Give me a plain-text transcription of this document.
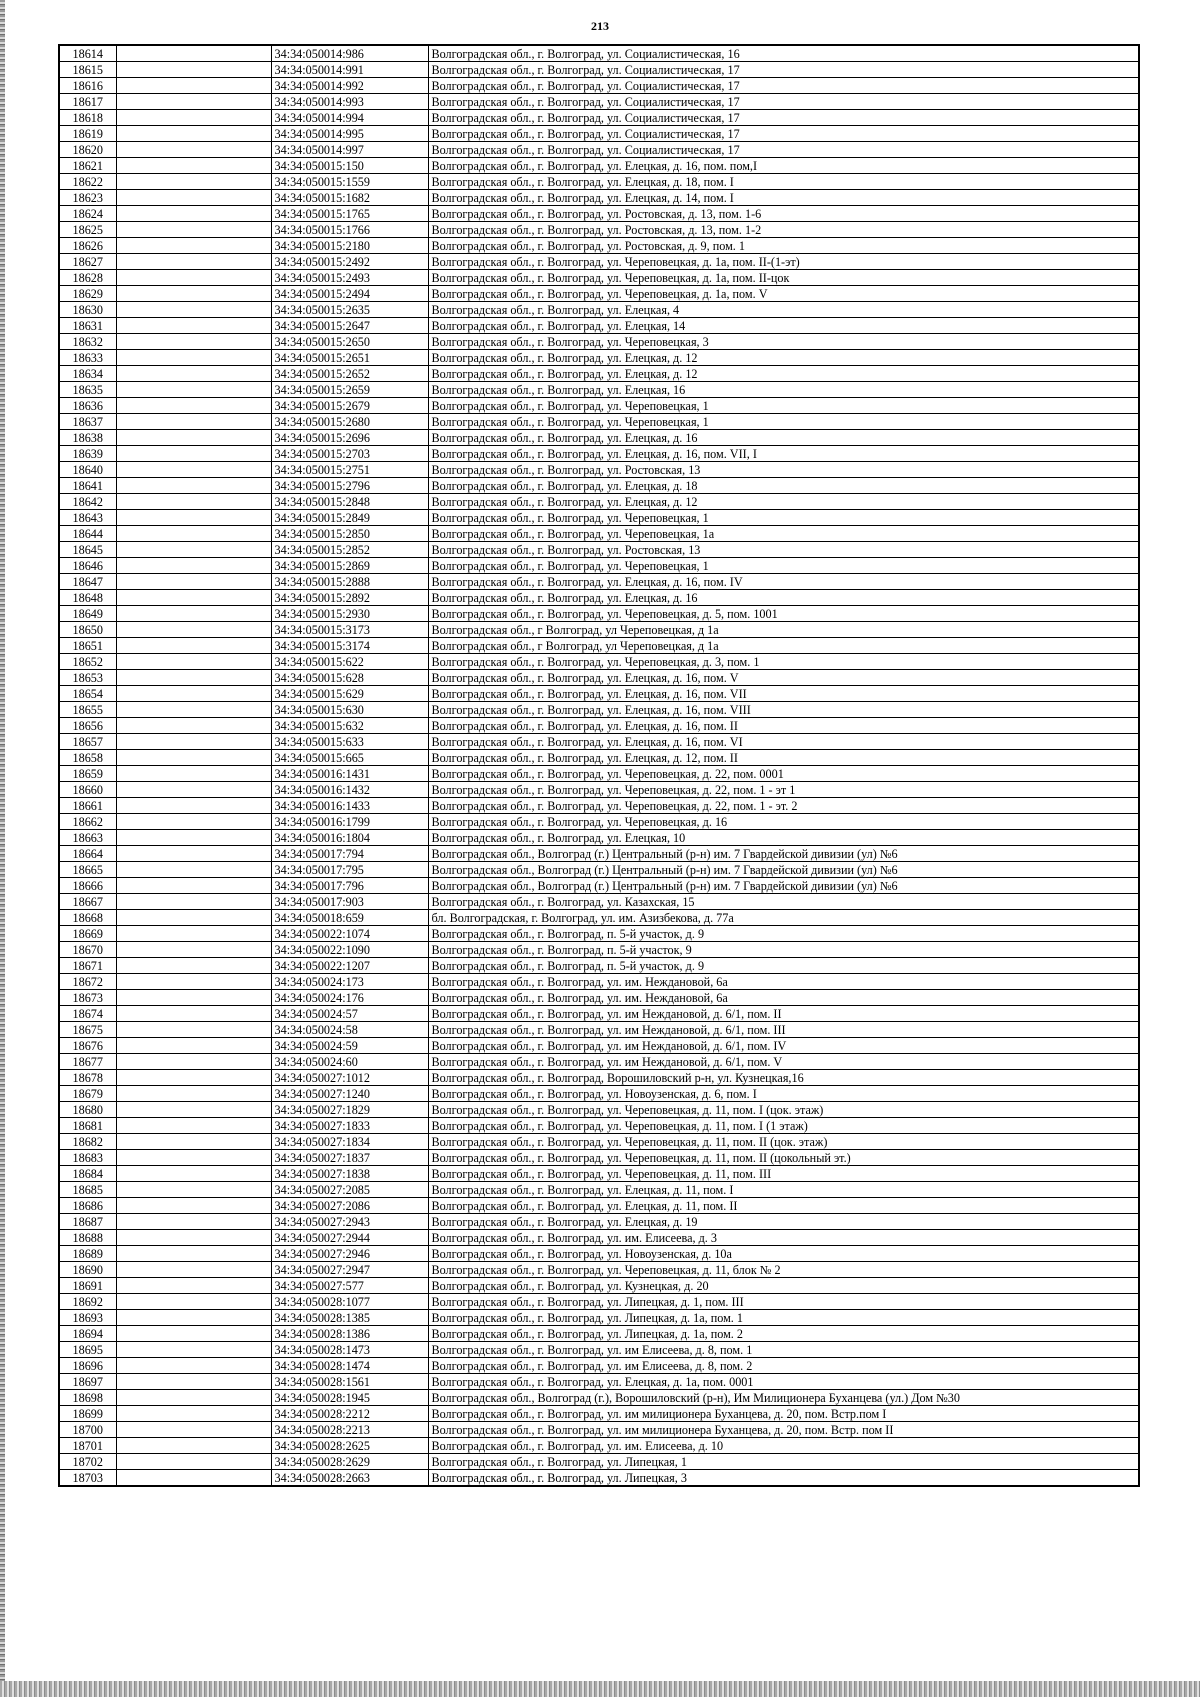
213
18614		34:34:050014:986	Волгоградская обл., г. Волгоград, ул. Социалистическая, 16
18615		34:34:050014:991	Волгоградская обл., г. Волгоград, ул. Социалистическая, 17
18616		34:34:050014:992	Волгоградская обл., г. Волгоград, ул. Социалистическая, 17
18617		34:34:050014:993	Волгоградская обл., г. Волгоград, ул. Социалистическая, 17
18618		34:34:050014:994	Волгоградская обл., г. Волгоград, ул. Социалистическая, 17
18619		34:34:050014:995	Волгоградская обл., г. Волгоград, ул. Социалистическая, 17
18620		34:34:050014:997	Волгоградская обл., г. Волгоград, ул. Социалистическая, 17
18621		34:34:050015:150	Волгоградская обл., г. Волгоград, ул. Елецкая, д. 16, пом. пом,I
18622		34:34:050015:1559	Волгоградская обл., г. Волгоград, ул. Елецкая, д. 18, пом. I
18623		34:34:050015:1682	Волгоградская обл., г. Волгоград, ул. Елецкая, д. 14, пом. I
18624		34:34:050015:1765	Волгоградская обл., г. Волгоград, ул. Ростовская, д. 13, пом. 1-6
18625		34:34:050015:1766	Волгоградская обл., г. Волгоград, ул. Ростовская, д. 13, пом. 1-2
18626		34:34:050015:2180	Волгоградская обл., г. Волгоград, ул. Ростовская, д. 9, пом. 1
18627		34:34:050015:2492	Волгоградская обл., г. Волгоград, ул. Череповецкая, д. 1а, пом. II-(1-эт)
18628		34:34:050015:2493	Волгоградская обл., г. Волгоград, ул. Череповецкая, д. 1а, пом. II-цок
18629		34:34:050015:2494	Волгоградская обл., г. Волгоград, ул. Череповецкая, д. 1а, пом. V
18630		34:34:050015:2635	Волгоградская обл., г. Волгоград, ул. Елецкая, 4
18631		34:34:050015:2647	Волгоградская обл., г. Волгоград, ул. Елецкая, 14
18632		34:34:050015:2650	Волгоградская обл., г. Волгоград, ул. Череповецкая, 3
18633		34:34:050015:2651	Волгоградская обл., г. Волгоград, ул. Елецкая, д. 12
18634		34:34:050015:2652	Волгоградская обл., г. Волгоград, ул. Елецкая, д. 12
18635		34:34:050015:2659	Волгоградская обл., г. Волгоград, ул. Елецкая, 16
18636		34:34:050015:2679	Волгоградская обл., г. Волгоград, ул. Череповецкая, 1
18637		34:34:050015:2680	Волгоградская обл., г. Волгоград, ул. Череповецкая, 1
18638		34:34:050015:2696	Волгоградская обл., г. Волгоград, ул. Елецкая, д. 16
18639		34:34:050015:2703	Волгоградская обл., г. Волгоград, ул. Елецкая, д. 16, пом. VII, I
18640		34:34:050015:2751	Волгоградская обл., г. Волгоград, ул. Ростовская, 13
18641		34:34:050015:2796	Волгоградская обл., г. Волгоград, ул. Елецкая, д. 18
18642		34:34:050015:2848	Волгоградская обл., г. Волгоград, ул. Елецкая, д. 12
18643		34:34:050015:2849	Волгоградская обл., г. Волгоград, ул. Череповецкая, 1
18644		34:34:050015:2850	Волгоградская обл., г. Волгоград, ул. Череповецкая, 1а
18645		34:34:050015:2852	Волгоградская обл., г. Волгоград, ул. Ростовская, 13
18646		34:34:050015:2869	Волгоградская обл., г. Волгоград, ул. Череповецкая, 1
18647		34:34:050015:2888	Волгоградская обл., г. Волгоград, ул. Елецкая, д. 16, пом. IV
18648		34:34:050015:2892	Волгоградская обл., г. Волгоград, ул. Елецкая, д. 16
18649		34:34:050015:2930	Волгоградская обл., г. Волгоград, ул. Череповецкая, д. 5, пом. 1001
18650		34:34:050015:3173	Волгоградская обл., г Волгоград, ул Череповецкая, д 1а
18651		34:34:050015:3174	Волгоградская обл., г Волгоград, ул Череповецкая, д 1а
18652		34:34:050015:622	Волгоградская обл., г. Волгоград, ул. Череповецкая, д. 3, пом. 1
18653		34:34:050015:628	Волгоградская обл., г. Волгоград, ул. Елецкая, д. 16, пом. V
18654		34:34:050015:629	Волгоградская обл., г. Волгоград, ул. Елецкая, д. 16, пом. VII
18655		34:34:050015:630	Волгоградская обл., г. Волгоград, ул. Елецкая, д. 16, пом. VIII
18656		34:34:050015:632	Волгоградская обл., г. Волгоград, ул. Елецкая, д. 16, пом. II
18657		34:34:050015:633	Волгоградская обл., г. Волгоград, ул. Елецкая, д. 16, пом. VI
18658		34:34:050015:665	Волгоградская обл., г. Волгоград, ул. Елецкая, д. 12, пом. II
18659		34:34:050016:1431	Волгоградская обл., г. Волгоград, ул. Череповецкая, д. 22, пом. 0001
18660		34:34:050016:1432	Волгоградская обл., г. Волгоград, ул. Череповецкая, д. 22, пом. 1 - эт 1
18661		34:34:050016:1433	Волгоградская обл., г. Волгоград, ул. Череповецкая, д. 22, пом. 1 - эт. 2
18662		34:34:050016:1799	Волгоградская обл., г. Волгоград, ул. Череповецкая, д. 16
18663		34:34:050016:1804	Волгоградская обл., г. Волгоград, ул. Елецкая, 10
18664		34:34:050017:794	Волгоградская обл., Волгоград (г.) Центральный (р-н) им. 7 Гвардейской дивизии (ул) №6
18665		34:34:050017:795	Волгоградская обл., Волгоград (г.) Центральный (р-н) им. 7 Гвардейской дивизии (ул) №6
18666		34:34:050017:796	Волгоградская обл., Волгоград (г.) Центральный (р-н) им. 7 Гвардейской дивизии (ул) №6
18667		34:34:050017:903	Волгоградская обл., г. Волгоград, ул. Казахская, 15
18668		34:34:050018:659	бл. Волгоградская, г. Волгоград, ул. им. Азизбекова, д. 77а
18669		34:34:050022:1074	Волгоградская обл., г. Волгоград, п. 5-й участок, д. 9
18670		34:34:050022:1090	Волгоградская обл., г. Волгоград, п. 5-й участок, 9
18671		34:34:050022:1207	Волгоградская обл., г. Волгоград, п. 5-й участок, д. 9
18672		34:34:050024:173	Волгоградская обл., г. Волгоград, ул. им. Неждановой, 6а
18673		34:34:050024:176	Волгоградская обл., г. Волгоград, ул. им. Неждановой, 6а
18674		34:34:050024:57	Волгоградская обл., г. Волгоград, ул. им Неждановой, д. 6/1, пом. II
18675		34:34:050024:58	Волгоградская обл., г. Волгоград, ул. им Неждановой, д. 6/1, пом. III
18676		34:34:050024:59	Волгоградская обл., г. Волгоград, ул. им Неждановой, д. 6/1, пом. IV
18677		34:34:050024:60	Волгоградская обл., г. Волгоград, ул. им Неждановой, д. 6/1, пом. V
18678		34:34:050027:1012	Волгоградская обл., г. Волгоград, Ворошиловский р-н, ул. Кузнецкая,16
18679		34:34:050027:1240	Волгоградская обл., г. Волгоград, ул. Новоузенская, д. 6, пом. I
18680		34:34:050027:1829	Волгоградская обл., г. Волгоград, ул. Череповецкая, д. 11, пом. I (цок. этаж)
18681		34:34:050027:1833	Волгоградская обл., г. Волгоград, ул. Череповецкая, д. 11, пом. I (1 этаж)
18682		34:34:050027:1834	Волгоградская обл., г. Волгоград, ул. Череповецкая, д. 11, пом. II (цок. этаж)
18683		34:34:050027:1837	Волгоградская обл., г. Волгоград, ул. Череповецкая, д. 11, пом. II (цокольный эт.)
18684		34:34:050027:1838	Волгоградская обл., г. Волгоград, ул. Череповецкая, д. 11, пом. III
18685		34:34:050027:2085	Волгоградская обл., г. Волгоград, ул. Елецкая, д. 11, пом. I
18686		34:34:050027:2086	Волгоградская обл., г. Волгоград, ул. Елецкая, д. 11, пом. II
18687		34:34:050027:2943	Волгоградская обл., г. Волгоград, ул. Елецкая, д. 19
18688		34:34:050027:2944	Волгоградская обл., г. Волгоград, ул. им. Елисеева, д. 3
18689		34:34:050027:2946	Волгоградская обл., г. Волгоград, ул. Новоузенская, д. 10а
18690		34:34:050027:2947	Волгоградская обл., г. Волгоград, ул. Череповецкая, д. 11, блок № 2
18691		34:34:050027:577	Волгоградская обл., г. Волгоград, ул. Кузнецкая, д. 20
18692		34:34:050028:1077	Волгоградская обл., г. Волгоград, ул. Липецкая, д. 1, пом. III
18693		34:34:050028:1385	Волгоградская обл., г. Волгоград, ул. Липецкая, д. 1а, пом. 1
18694		34:34:050028:1386	Волгоградская обл., г. Волгоград, ул. Липецкая, д. 1а, пом. 2
18695		34:34:050028:1473	Волгоградская обл., г. Волгоград, ул. им Елисеева, д. 8, пом. 1
18696		34:34:050028:1474	Волгоградская обл., г. Волгоград, ул. им Елисеева, д. 8, пом. 2
18697		34:34:050028:1561	Волгоградская обл., г. Волгоград, ул. Елецкая, д. 1а, пом. 0001
18698		34:34:050028:1945	Волгоградская обл., Волгоград (г.), Ворошиловский (р-н), Им Милиционера Буханцева (ул.) Дом №30
18699		34:34:050028:2212	Волгоградская обл., г. Волгоград, ул. им милиционера Буханцева, д. 20, пом. Встр.пом I
18700		34:34:050028:2213	Волгоградская обл., г. Волгоград, ул. им милиционера Буханцева, д. 20, пом. Встр. пом II
18701		34:34:050028:2625	Волгоградская обл., г. Волгоград, ул. им. Елисеева, д. 10
18702		34:34:050028:2629	Волгоградская обл., г. Волгоград, ул. Липецкая, 1
18703		34:34:050028:2663	Волгоградская обл., г. Волгоград, ул. Липецкая, 3
